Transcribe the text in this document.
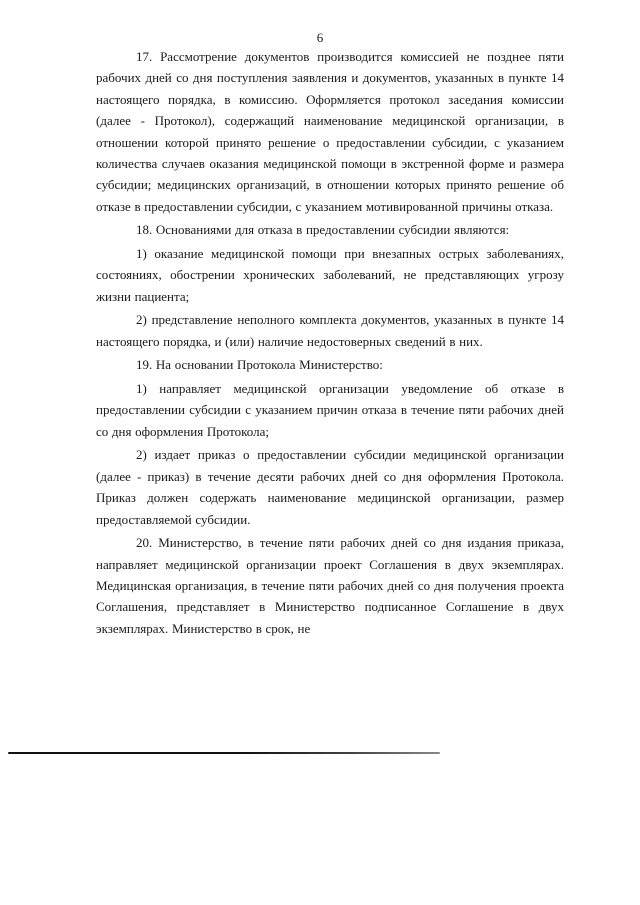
6

17. Рассмотрение документов производится комиссией не позднее пяти рабочих дней со дня поступления заявления и документов, указанных в пункте 14 настоящего порядка, в комиссию. Оформляется протокол заседания комиссии (далее - Протокол), содержащий наименование медицинской организации, в отношении которой принято решение о предоставлении субсидии, с указанием количества случаев оказания медицинской помощи в экстренной форме и размера субсидии; медицинских организаций, в отношении которых принято решение об отказе в предоставлении субсидии, с указанием мотивированной причины отказа.

18. Основаниями для отказа в предоставлении субсидии являются:

1) оказание медицинской помощи при внезапных острых заболеваниях, состояниях, обострении хронических заболеваний, не представляющих угрозу жизни пациента;

2) представление неполного комплекта документов, указанных в пункте 14 настоящего порядка, и (или) наличие недостоверных сведений в них.

19. На основании Протокола Министерство:

1) направляет медицинской организации уведомление об отказе в предоставлении субсидии с указанием причин отказа в течение пяти рабочих дней со дня оформления Протокола;

2) издает приказ о предоставлении субсидии медицинской организации (далее - приказ) в течение десяти рабочих дней со дня оформления Протокола. Приказ должен содержать наименование медицинской организации, размер предоставляемой субсидии.

20. Министерство, в течение пяти рабочих дней со дня издания приказа, направляет медицинской организации проект Соглашения в двух экземплярах. Медицинская организация, в течение пяти рабочих дней со дня получения проекта Соглашения, представляет в Министерство подписанное Соглашение в двух экземплярах. Министерство в срок, не
